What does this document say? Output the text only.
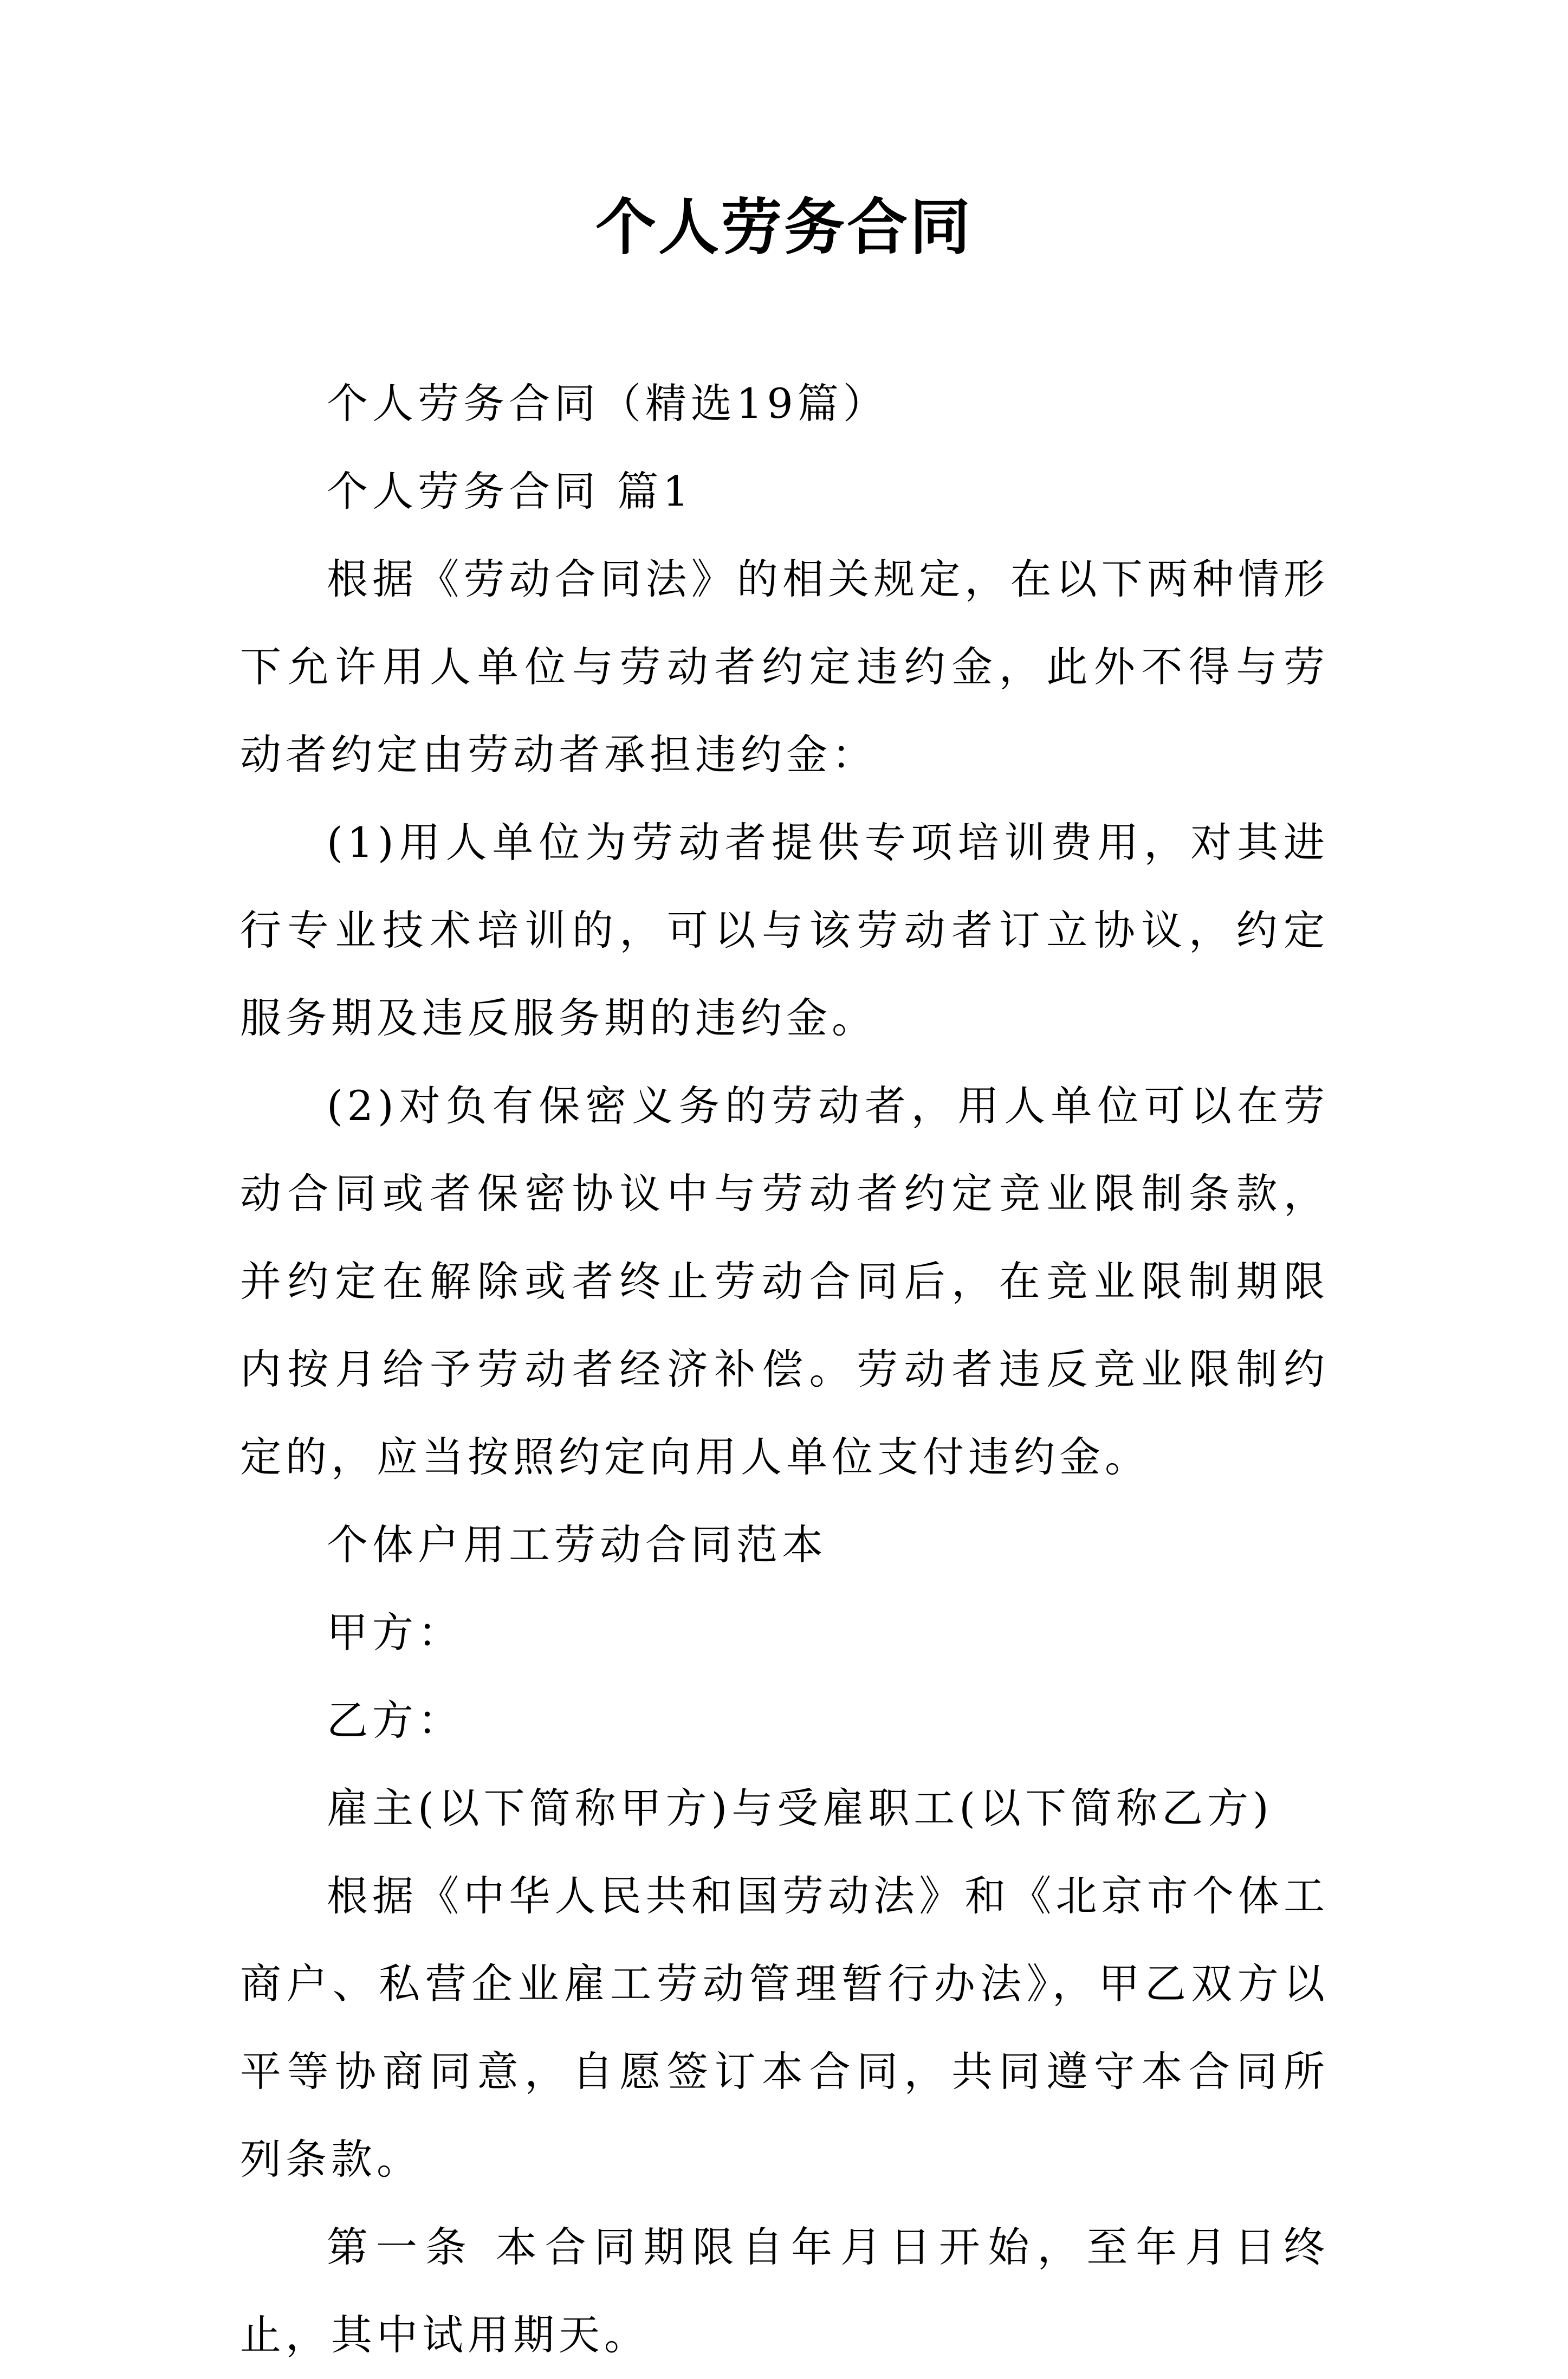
个人劳务合同

个人劳务合同（精选19篇）

个人劳务合同 篇1

根据《劳动合同法》的相关规定，在以下两种情形下允许用人单位与劳动者约定违约金，此外不得与劳动者约定由劳动者承担违约金：

(1)用人单位为劳动者提供专项培训费用，对其进行专业技术培训的，可以与该劳动者订立协议，约定服务期及违反服务期的违约金。

(2)对负有保密义务的劳动者，用人单位可以在劳动合同或者保密协议中与劳动者约定竞业限制条款，并约定在解除或者终止劳动合同后，在竞业限制期限内按月给予劳动者经济补偿。劳动者违反竞业限制约定的，应当按照约定向用人单位支付违约金。

个体户用工劳动合同范本

甲方：

乙方：

雇主(以下简称甲方)与受雇职工(以下简称乙方)

根据《中华人民共和国劳动法》和《北京市个体工商户、私营企业雇工劳动管理暂行办法》，甲乙双方以平等协商同意，自愿签订本合同，共同遵守本合同所列条款。

第一条 本合同期限自年月日开始，至年月日终止，其中试用期天。
